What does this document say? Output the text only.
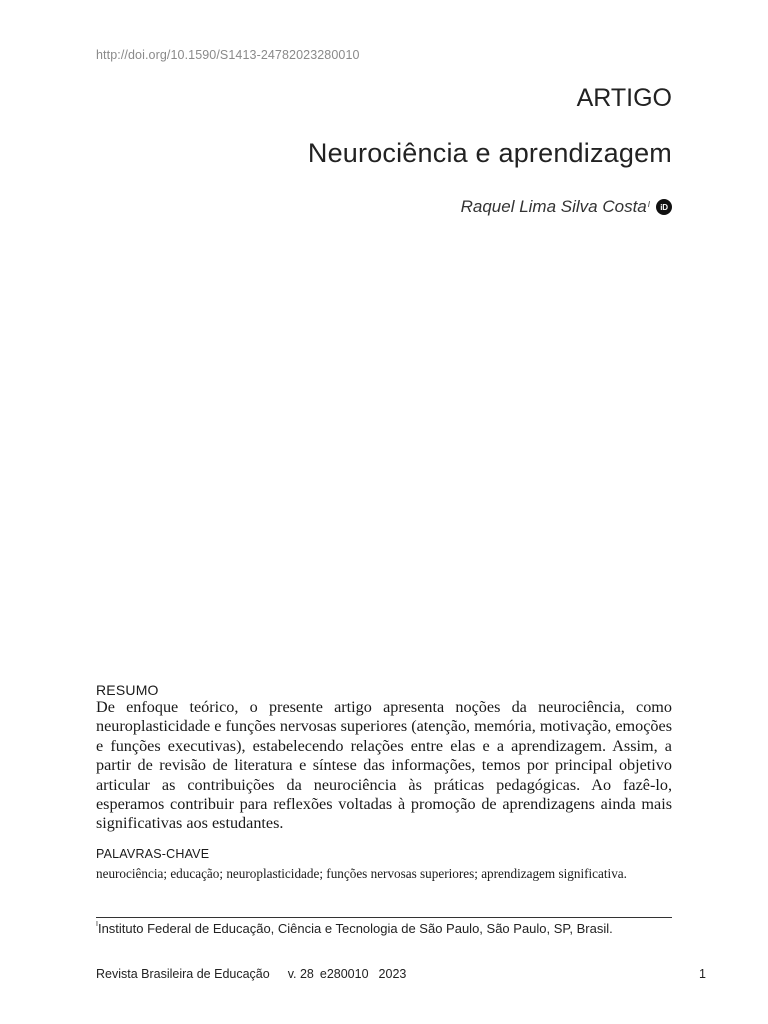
http://doi.org/10.1590/S1413-24782023280010
ARTIGO
Neurociência e aprendizagem
Raquel Lima Silva Costa$^I$	iD
RESUMO
De enfoque teórico, o presente artigo apresenta noções da neurociência, como neuroplasticidade e funções nervosas superiores (atenção, memória, motivação, emoções e funções executivas), estabelecendo relações entre elas e a aprendizagem. Assim, a partir de revisão de literatura e síntese das informações, temos por principal objetivo articular as contribuições da neurociência às práticas pedagógicas. Ao fazê-lo, esperamos contribuir para reflexões voltadas à promoção de aprendizagens ainda mais significativas aos estudantes.
PALAVRAS-CHAVE
neurociência; educação; neuroplasticidade; funções nervosas superiores; aprendizagem significativa.
$^I$Instituto Federal de Educação, Ciência e Tecnologia de São Paulo, São Paulo, SP, Brasil.
Revista Brasileira de Educação v. 28 e280010 2023	1
